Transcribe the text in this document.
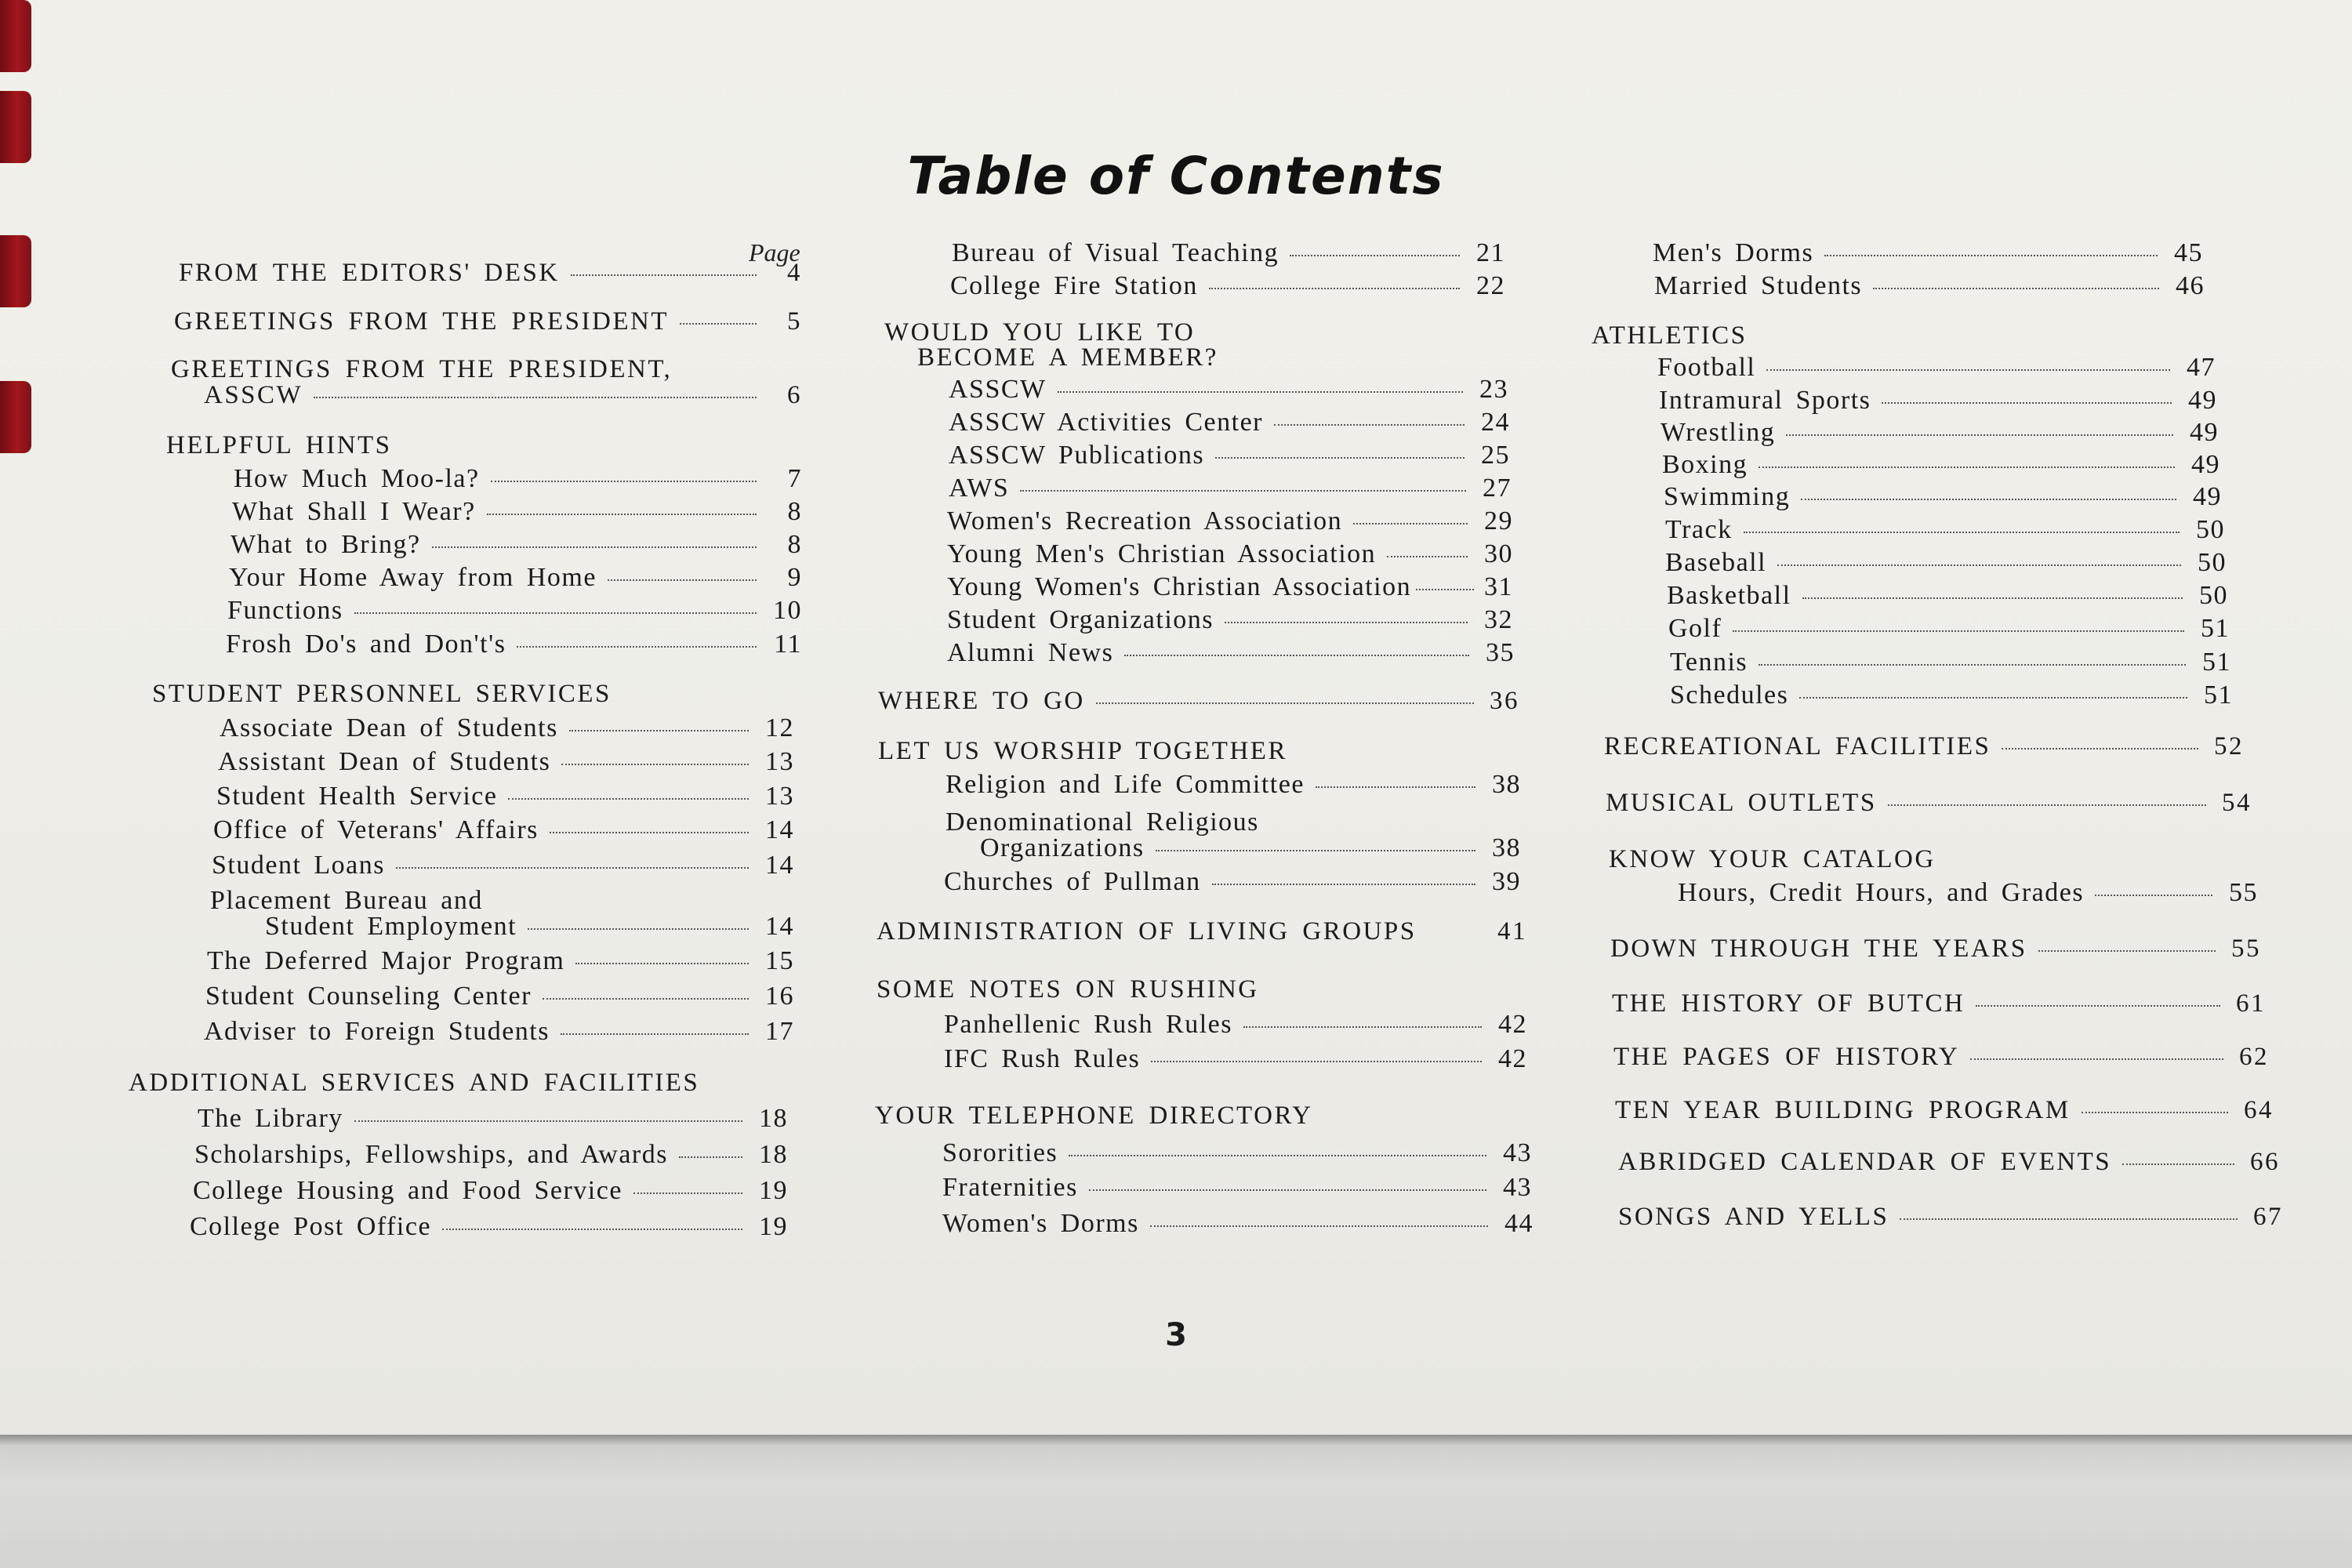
Table of Contents
Page
FROM THE EDITORS' DESK	4
GREETINGS FROM THE PRESIDENT	5
GREETINGS FROM THE PRESIDENT,
ASSCW	6
HELPFUL HINTS
How Much Moo-la?	7
What Shall I Wear?	8
What to Bring?	8
Your Home Away from Home	9
Functions	10
Frosh Do's and Don't's	11
STUDENT PERSONNEL SERVICES
Associate Dean of Students	12
Assistant Dean of Students	13
Student Health Service	13
Office of Veterans' Affairs	14
Student Loans	14
Placement Bureau and
Student Employment	14
The Deferred Major Program	15
Student Counseling Center	16
Adviser to Foreign Students	17
ADDITIONAL SERVICES AND FACILITIES
The Library	18
Scholarships, Fellowships, and Awards	18
College Housing and Food Service	19
College Post Office	19
Bureau of Visual Teaching	21
College Fire Station	22
WOULD YOU LIKE TO
BECOME A MEMBER?
ASSCW	23
ASSCW Activities Center	24
ASSCW Publications	25
AWS	27
Women's Recreation Association	29
Young Men's Christian Association	30
Young Women's Christian Association	31
Student Organizations	32
Alumni News	35
WHERE TO GO	36
LET US WORSHIP TOGETHER
Religion and Life Committee	38
Denominational Religious
Organizations	38
Churches of Pullman	39
ADMINISTRATION OF LIVING GROUPS	41
SOME NOTES ON RUSHING
Panhellenic Rush Rules	42
IFC Rush Rules	42
YOUR TELEPHONE DIRECTORY
Sororities	43
Fraternities	43
Women's Dorms	44
Men's Dorms	45
Married Students	46
ATHLETICS
Football	47
Intramural Sports	49
Wrestling	49
Boxing	49
Swimming	49
Track	50
Baseball	50
Basketball	50
Golf	51
Tennis	51
Schedules	51
RECREATIONAL FACILITIES	52
MUSICAL OUTLETS	54
KNOW YOUR CATALOG
Hours, Credit Hours, and Grades	55
DOWN THROUGH THE YEARS	55
THE HISTORY OF BUTCH	61
THE PAGES OF HISTORY	62
TEN YEAR BUILDING PROGRAM	64
ABRIDGED CALENDAR OF EVENTS	66
SONGS AND YELLS	67
3
